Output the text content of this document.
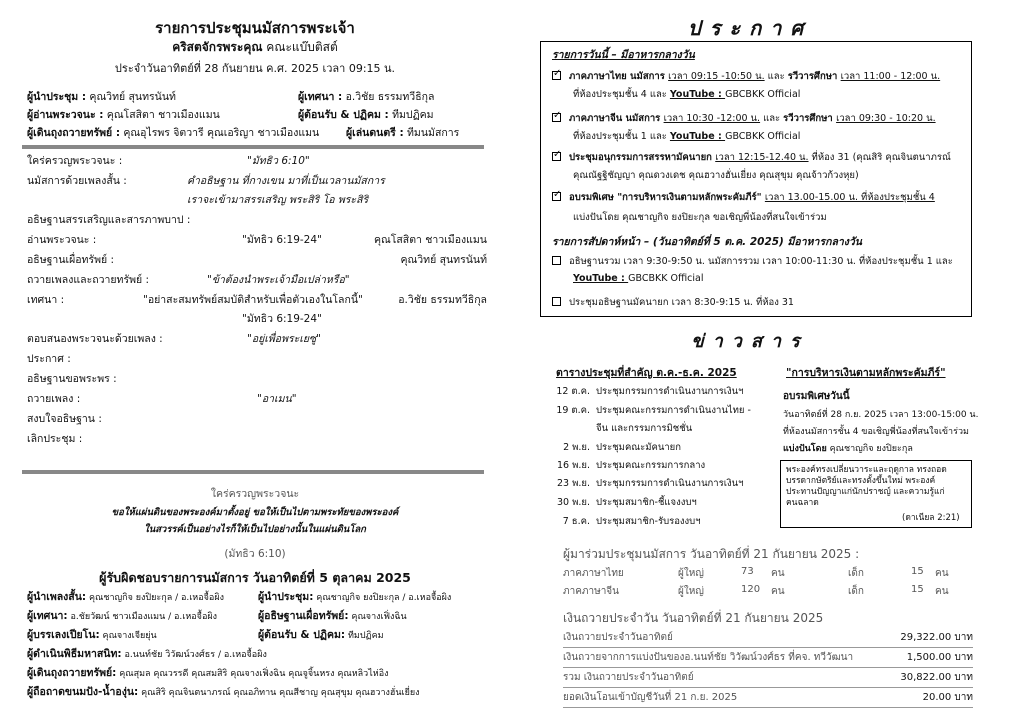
รายการประชุมนมัสการพระเจ้า
คริสตจักรพระคุณ คณะแบ๊บติสต์
ประจำวันอาทิตย์ที่ 28 กันยายน ค.ศ. 2025 เวลา 09:15 น.
ผู้นำประชุม : คุณวิทย์ สุนทรนันท์	ผู้เทศนา : อ.วิชัย ธรรมทวีธิกุล
ผู้อ่านพระวจนะ : คุณโสสิตา ชาวเมืองแมน	ผู้ต้อนรับ & ปฏิคม : ทีมปฏิคม
ผู้เดินถุงถวายทรัพย์ : คุณอุไรพร จิตวารี คุณเอริญา ชาวเมืองแมน	ผู้เล่นดนตรี : ทีมนมัสการ
ใคร่ครวญพระวจนะ :	"มัทธิว 6:10"
นมัสการด้วยเพลงสั้น :	คำอธิษฐาน ที่กางเขน มาที่เป็นเวลานมัสการ
เราจะเข้ามาสรรเสริญ พระสิริ โอ พระสิริ
อธิษฐานสรรเสริญและสารภาพบาป :
อ่านพระวจนะ :	"มัทธิว 6:19-24"	คุณโสสิตา ชาวเมืองแมน
อธิษฐานเผื่อทรัพย์ :	คุณวิทย์ สุนทรนันท์
ถวายเพลงและถวายทรัพย์ :	"ข้าต้องนำพระเจ้ามือเปล่าหรือ"
เทศนา :	"อย่าสะสมทรัพย์สมบัติสำหรับเพื่อตัวเองในโลกนี้"	อ.วิชัย ธรรมทวีธิกุล
"มัทธิว 6:19-24"
ตอบสนองพระวจนะด้วยเพลง :	"อยู่เพื่อพระเยซู"
ประกาศ :
อธิษฐานขอพระพร :
ถวายเพลง :	"อาเมน"
สงบใจอธิษฐาน :
เลิกประชุม :
ใคร่ครวญพระวจนะ
ขอให้แผ่นดินของพระองค์มาตั้งอยู่ ขอให้เป็นไปตามพระทัยของพระองค์
ในสวรรค์เป็นอย่างไรก็ให้เป็นไปอย่างนั้นในแผ่นดินโลก
(มัทธิว 6:10)
ผู้รับผิดชอบรายการนมัสการ วันอาทิตย์ที่ 5 ตุลาคม 2025
ผู้นำเพลงสั้น: คุณชาญกิจ ยงปิยะกุล / อ.เหอจื้อผิง	ผู้นำประชุม: คุณชาญกิจ ยงปิยะกุล / อ.เหอจื้อผิง
ผู้เทศนา: อ.ชัยวัฒน์ ชาวเมืองแมน / อ.เหอจื้อผิง	ผู้อธิษฐานเผื่อทรัพย์: คุณจางเฟิ่งฉิน
ผู้บรรเลงเปียโน: คุณจางเจียยุ่น	ผู้ต้อนรับ & ปฏิคม: ทีมปฏิคม
ผู้ดำเนินพิธีมหาสนิท: อ.นนท์ชัย วิวัฒน์วงศ์ธร / อ.เหอจื้อผิง
ผู้เดินถุงถวายทรัพย์: คุณสุมล คุณวรรดี คุณสมสิริ คุณจางเฟิ่งฉิน คุณจูจิ้นหรง คุณหลิวไห่อิง
ผู้ถือถาดขนมปัง-น้ำองุ่น: คุณสิริ คุณจินตนาภรณ์ คุณอภิทาน คุณสีชาญ คุณสุขุม คุณฮวางฮั่นเยี่ยง
ประกาศ
รายการวันนี้ – มีอาหารกลางวัน
✓ภาคภาษาไทย นมัสการ เวลา 09:15 -10:50 น. และ รวีวารศึกษา เวลา 11:00 - 12:00 น.
ที่ห้องประชุมชั้น 4 และ YouTube : GBCBKK Official
✓ภาคภาษาจีน นมัสการ เวลา 10:30 -12:00 น. และ รวีวารศึกษา เวลา 09:30 - 10:20 น.
ที่ห้องประชุมชั้น 1 และ YouTube : GBCBKK Official
✓ประชุมอนุกรรมการสรรหามัคนายก เวลา 12:15-12.40 น. ที่ห้อง 31 (คุณสิริ คุณจินตนาภรณ์
คุณณัฐฐิชัญญา คุณดวงเดช คุณฮวางฮั่นเยี่ยง คุณสุขุม คุณจ้าวก้วงหุย)
✓อบรมพิเศษ "การบริหารเงินตามหลักพระคัมภีร์" เวลา 13.00-15.00 น. ที่ห้องประชุมชั้น 4
แบ่งปันโดย คุณชาญกิจ ยงปิยะกุล ขอเชิญพี่น้องที่สนใจเข้าร่วม
รายการสัปดาห์หน้า – (วันอาทิตย์ที่ 5 ต.ค. 2025) มีอาหารกลางวัน
อธิษฐานรวม เวลา 9:30-9:50 น. นมัสการรวม เวลา 10:00-11:30 น. ที่ห้องประชุมชั้น 1 และ
YouTube : GBCBKK Official
ประชุมอธิษฐานมัคนายก เวลา 8:30-9:15 น. ที่ห้อง 31
ข่าวสาร
ตารางประชุมที่สำคัญ ต.ค.-ธ.ค. 2025
12 ต.ค. ประชุมกรรมการดำเนินงานการเงินฯ
19 ต.ค. ประชุมคณะกรรมการดำเนินงานไทย -
จีน และกรรมการมิชชั่น
2 พ.ย. ประชุมคณะมัคนายก
16 พ.ย. ประชุมคณะกรรมการกลาง
23 พ.ย. ประชุมกรรมการดำเนินงานการเงินฯ
30 พ.ย. ประชุมสมาชิก-ชี้แจงงบฯ
7 ธ.ค. ประชุมสมาชิก-รับรองงบฯ
"การบริหารเงินตามหลักพระคัมภีร์"
อบรมพิเศษวันนี้
วันอาทิตย์ที่ 28 ก.ย. 2025 เวลา 13:00-15:00 น.
ที่ห้องนมัสการชั้น 4 ขอเชิญพี่น้องที่สนใจเข้าร่วม
แบ่งปันโดย คุณชาญกิจ ยงปิยะกุล
พระองค์ทรงเปลี่ยนวาระและฤดูกาล ทรงถอด
บรรดากษัตริย์และทรงตั้งขึ้นใหม่ พระองค์
ประทานปัญญาแก่นักปราชญ์ และความรู้แก่
คนฉลาด
(ดาเนียล 2:21)
ผู้มาร่วมประชุมนมัสการ วันอาทิตย์ที่ 21 กันยายน 2025 :
ภาคภาษาไทย	ผู้ใหญ่	73 คน	เด็ก	15 คน
ภาคภาษาจีน	ผู้ใหญ่	120 คน	เด็ก	15 คน
เงินถวายประจำวัน วันอาทิตย์ที่ 21 กันยายน 2025
เงินถวายประจำวันอาทิตย์	29,322.00 บาท
เงินถวายจากการแบ่งปันของอ.นนท์ชัย วิวัฒน์วงศ์ธร ที่คจ. ทวีวัฒนา	1,500.00 บาท
รวม เงินถวายประจำวันอาทิตย์	30,822.00 บาท
ยอดเงินโอนเข้าบัญชีวันที่ 21 ก.ย. 2025	20.00 บาท
